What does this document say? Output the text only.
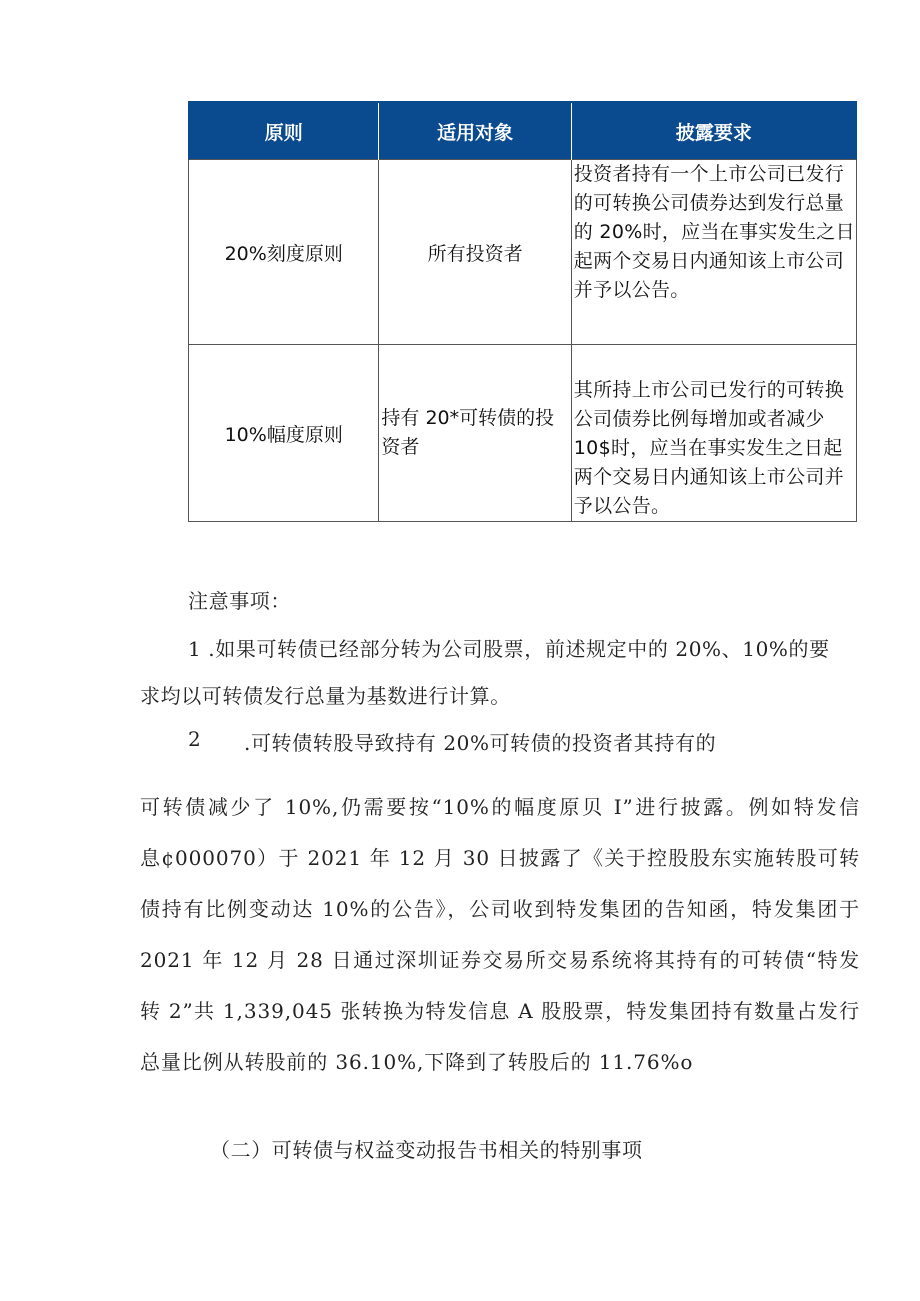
原则	适用对象	披露要求
20%刻度原则	所有投资者	投资者持有一个上市公司已发行的可转换公司债券达到发行总量的 20%时，应当在事实发生之日起两个交易日内通知该上市公司并予以公告。

10%幅度原则	持有 20*可转债的投资者	其所持上市公司已发行的可转换公司债券比例每增加或者减少 10$时，应当在事实发生之日起两个交易日内通知该上市公司并予以公告。
注意事项：
1 .如果可转债已经部分转为公司股票，前述规定中的 20%、10%的要
求均以可转债发行总量为基数进行计算。
2 .可转债转股导致持有 20%可转债的投资者其持有的
可转债减少了 10%,仍需要按“10%的幅度原贝 I”进行披露。例如特发信息¢000070）于 2021 年 12 月 30 日披露了《关于控股股东实施转股可转债持有比例变动达 10%的公告》，公司收到特发集团的告知函，特发集团于 2021 年 12 月 28 日通过深圳证券交易所交易系统将其持有的可转债“特发转 2”共 1,339,045 张转换为特发信息 A 股股票，特发集团持有数量占发行总量比例从转股前的 36.10%,下降到了转股后的 11.76%o
（二）可转债与权益变动报告书相关的特别事项
